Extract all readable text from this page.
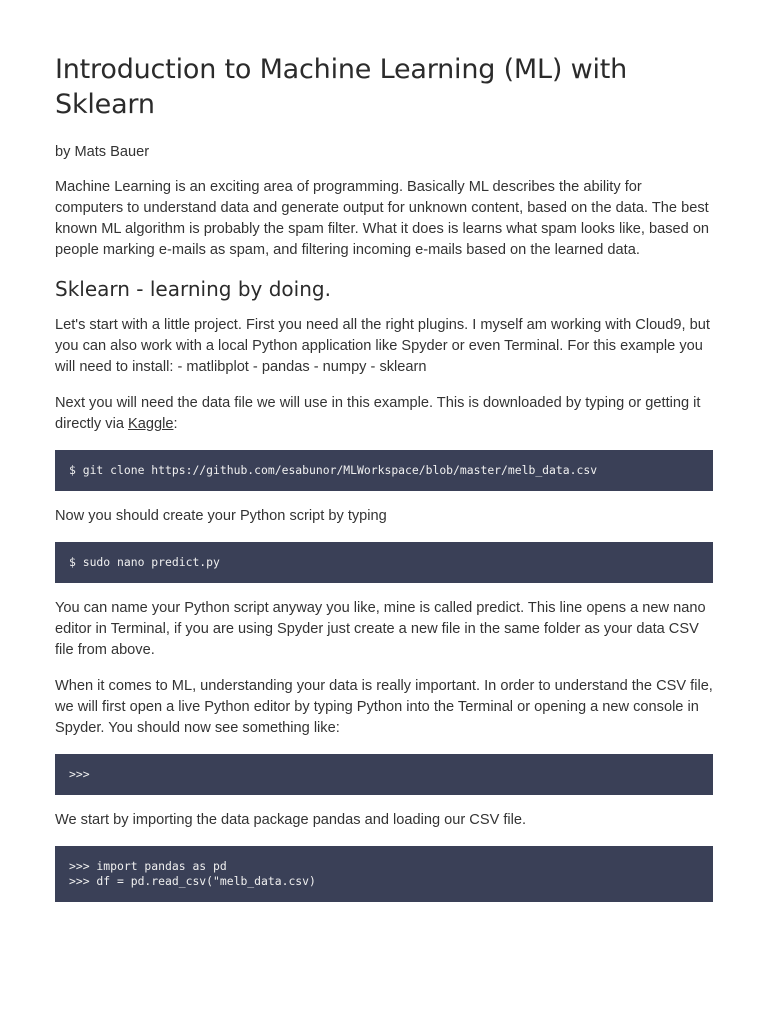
Introduction to Machine Learning (ML) with Sklearn

by Mats Bauer

Machine Learning is an exciting area of programming. Basically ML describes the ability for computers to understand data and generate output for unknown content, based on the data. The best known ML algorithm is probably the spam filter. What it does is learns what spam looks like, based on people marking e-mails as spam, and filtering incoming e-mails based on the learned data.

Sklearn - learning by doing.

Let's start with a little project. First you need all the right plugins. I myself am working with Cloud9, but you can also work with a local Python application like Spyder or even Terminal. For this example you will need to install: - matlibplot - pandas - numpy - sklearn

Next you will need the data file we will use in this example. This is downloaded by typing or getting it directly via Kaggle:

$ git clone https://github.com/esabunor/MLWorkspace/blob/master/melb_data.csv

Now you should create your Python script by typing

$ sudo nano predict.py

You can name your Python script anyway you like, mine is called predict. This line opens a new nano editor in Terminal, if you are using Spyder just create a new file in the same folder as your data CSV file from above.

When it comes to ML, understanding your data is really important. In order to understand the CSV file, we will first open a live Python editor by typing Python into the Terminal or opening a new console in Spyder. You should now see something like:

>>>

We start by importing the data package pandas and loading our CSV file.

>>> import pandas as pd
>>> df = pd.read_csv("melb_data.csv)
